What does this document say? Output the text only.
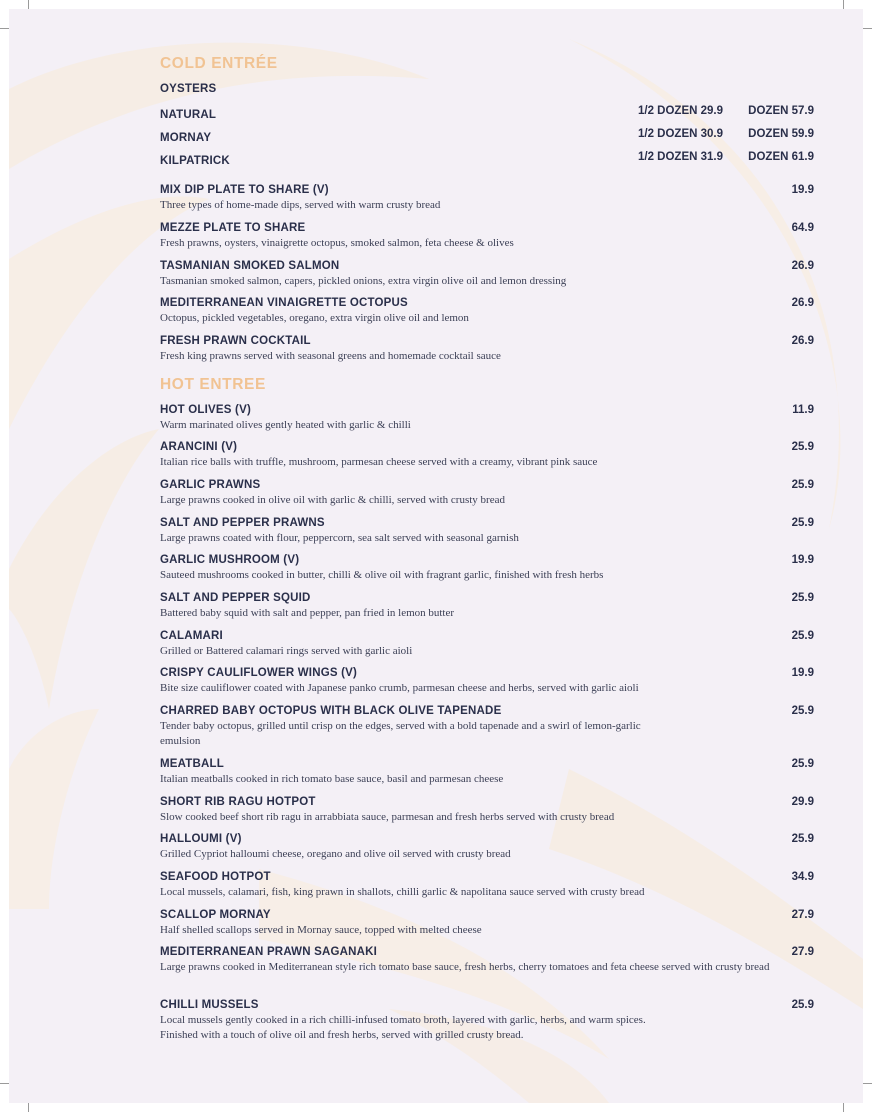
COLD ENTRÉE
OYSTERS
NATURAL	1/2 DOZEN 29.9 DOZEN 57.9
MORNAY	1/2 DOZEN 30.9 DOZEN 59.9
KILPATRICK	1/2 DOZEN 31.9 DOZEN 61.9
MIX DIP PLATE TO SHARE (V)	19.9
Three types of home-made dips, served with warm crusty bread
MEZZE PLATE TO SHARE	64.9
Fresh prawns, oysters, vinaigrette octopus, smoked salmon, feta cheese & olives
TASMANIAN SMOKED SALMON	26.9
Tasmanian smoked salmon, capers, pickled onions, extra virgin olive oil and lemon dressing
MEDITERRANEAN VINAIGRETTE OCTOPUS	26.9
Octopus, pickled vegetables, oregano, extra virgin olive oil and lemon
FRESH PRAWN COCKTAIL	26.9
Fresh king prawns served with seasonal greens and homemade cocktail sauce
HOT ENTREE
HOT OLIVES (V)	11.9
Warm marinated olives gently heated with garlic & chilli
ARANCINI (V)	25.9
Italian rice balls with truffle, mushroom, parmesan cheese served with a creamy, vibrant pink sauce
GARLIC PRAWNS	25.9
Large prawns cooked in olive oil with garlic & chilli, served with crusty bread
SALT AND PEPPER PRAWNS	25.9
Large prawns coated with flour, peppercorn, sea salt served with seasonal garnish
GARLIC MUSHROOM (V)	19.9
Sauteed mushrooms cooked in butter, chilli & olive oil with fragrant garlic, finished with fresh herbs
SALT AND PEPPER SQUID	25.9
Battered baby squid with salt and pepper, pan fried in lemon butter
CALAMARI	25.9
Grilled or Battered calamari rings served with garlic aioli
CRISPY CAULIFLOWER WINGS (V)	19.9
Bite size cauliflower coated with Japanese panko crumb, parmesan cheese and herbs, served with garlic aioli
CHARRED BABY OCTOPUS WITH BLACK OLIVE TAPENADE	25.9
Tender baby octopus, grilled until crisp on the edges, served with a bold tapenade and a swirl of lemon-garlic emulsion
MEATBALL	25.9
Italian meatballs cooked in rich tomato base sauce, basil and parmesan cheese
SHORT RIB RAGU HOTPOT	29.9
Slow cooked beef short rib ragu in arrabbiata sauce, parmesan and fresh herbs served with crusty bread
HALLOUMI (V)	25.9
Grilled Cypriot halloumi cheese, oregano and olive oil served with crusty bread
SEAFOOD HOTPOT	34.9
Local mussels, calamari, fish, king prawn in shallots, chilli garlic & napolitana sauce served with crusty bread
SCALLOP MORNAY	27.9
Half shelled scallops served in Mornay sauce, topped with melted cheese
MEDITERRANEAN PRAWN SAGANAKI	27.9
Large prawns cooked in Mediterranean style rich tomato base sauce, fresh herbs, cherry tomatoes and feta cheese served with crusty bread
CHILLI MUSSELS	25.9
Local mussels gently cooked in a rich chilli-infused tomato broth, layered with garlic, herbs, and warm spices. Finished with a touch of olive oil and fresh herbs, served with grilled crusty bread.
